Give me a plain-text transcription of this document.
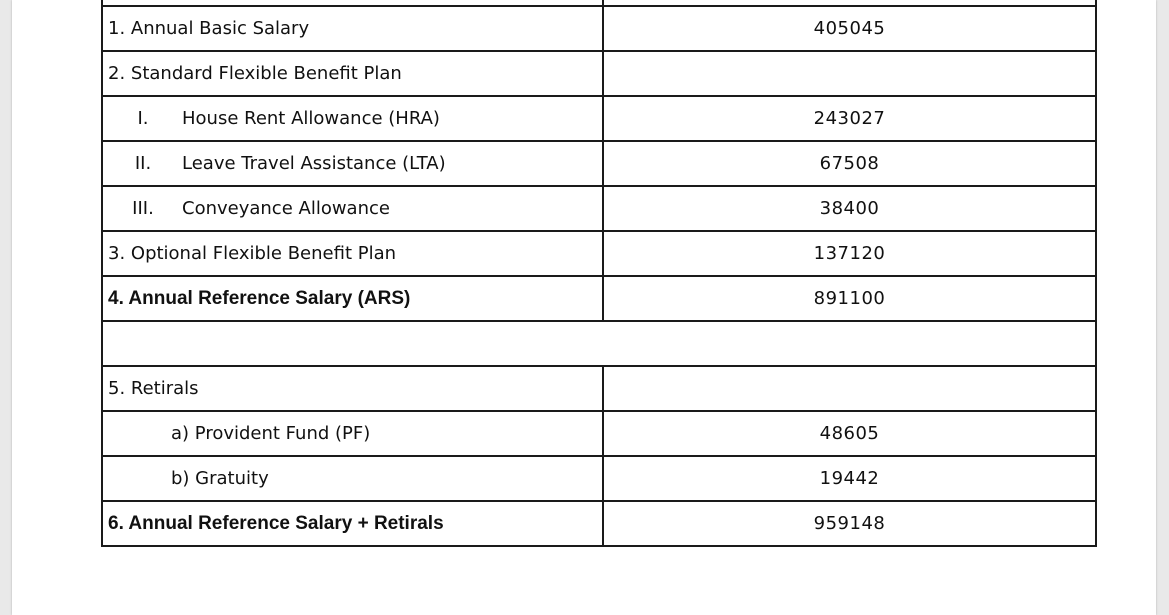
1. Annual Basic Salary	405045
2. Standard Flexible Benefit Plan	
I. House Rent Allowance (HRA)	243027
II. Leave Travel Assistance (LTA)	67508
III. Conveyance Allowance	38400
3. Optional Flexible Benefit Plan	137120
4. Annual Reference Salary (ARS)	891100

5. Retirals	
a) Provident Fund (PF)	48605
b) Gratuity	19442
6. Annual Reference Salary + Retirals	959148
